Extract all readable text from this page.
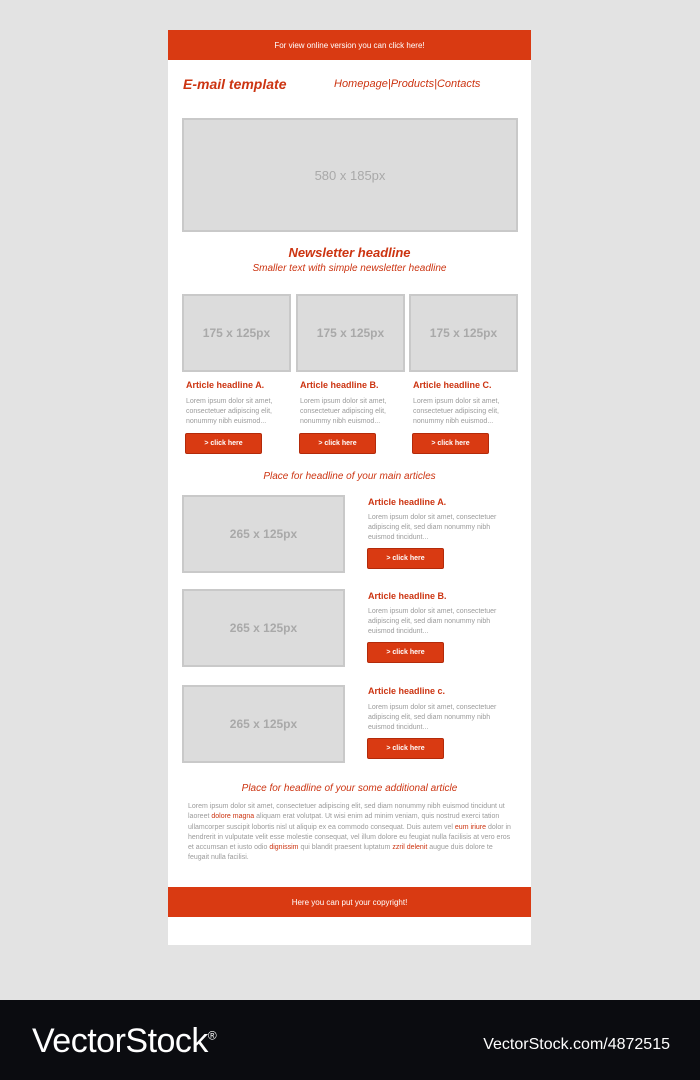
For view online version you can click here!
E-mail template	Homepage|Products|Contacts
580 x 185px
Newsletter headline
Smaller text with simple newsletter headline
175 x 125px	175 x 125px	175 x 125px
Article headline A.	Article headline B.	Article headline C.
Lorem ipsum dolor sit amet, consectetuer adipiscing elit, nonummy nibh euismod...
Lorem ipsum dolor sit amet, consectetuer adipiscing elit, nonummy nibh euismod...
Lorem ipsum dolor sit amet, consectetuer adipiscing elit, nonummy nibh euismod...
> click here	> click here	> click here
Place for headline of your main articles
265 x 125px
Article headline A.
Lorem ipsum dolor sit amet, consectetuer adipiscing elit, sed diam nonummy nibh euismod tincidunt...
> click here
265 x 125px
Article headline B.
Lorem ipsum dolor sit amet, consectetuer adipiscing elit, sed diam nonummy nibh euismod tincidunt...
> click here
265 x 125px
Article headline c.
Lorem ipsum dolor sit amet, consectetuer adipiscing elit, sed diam nonummy nibh euismod tincidunt...
> click here
Place for headline of your some additional article
Lorem ipsum dolor sit amet, consectetuer adipiscing elit, sed diam nonummy nibh euismod tincidunt ut laoreet dolore magna aliquam erat volutpat. Ut wisi enim ad minim veniam, quis nostrud exerci tation ullamcorper suscipit lobortis nisl ut aliquip ex ea commodo consequat. Duis autem vel eum iriure dolor in hendrerit in vulputate velit esse molestie consequat, vel illum dolore eu feugiat nulla facilisis at vero eros et accumsan et iusto odio dignissim qui blandit praesent luptatum zzril delenit augue duis dolore te feugait nulla facilisi.
Here you can put your copyright!
VectorStock®
VectorStock.com/4872515
